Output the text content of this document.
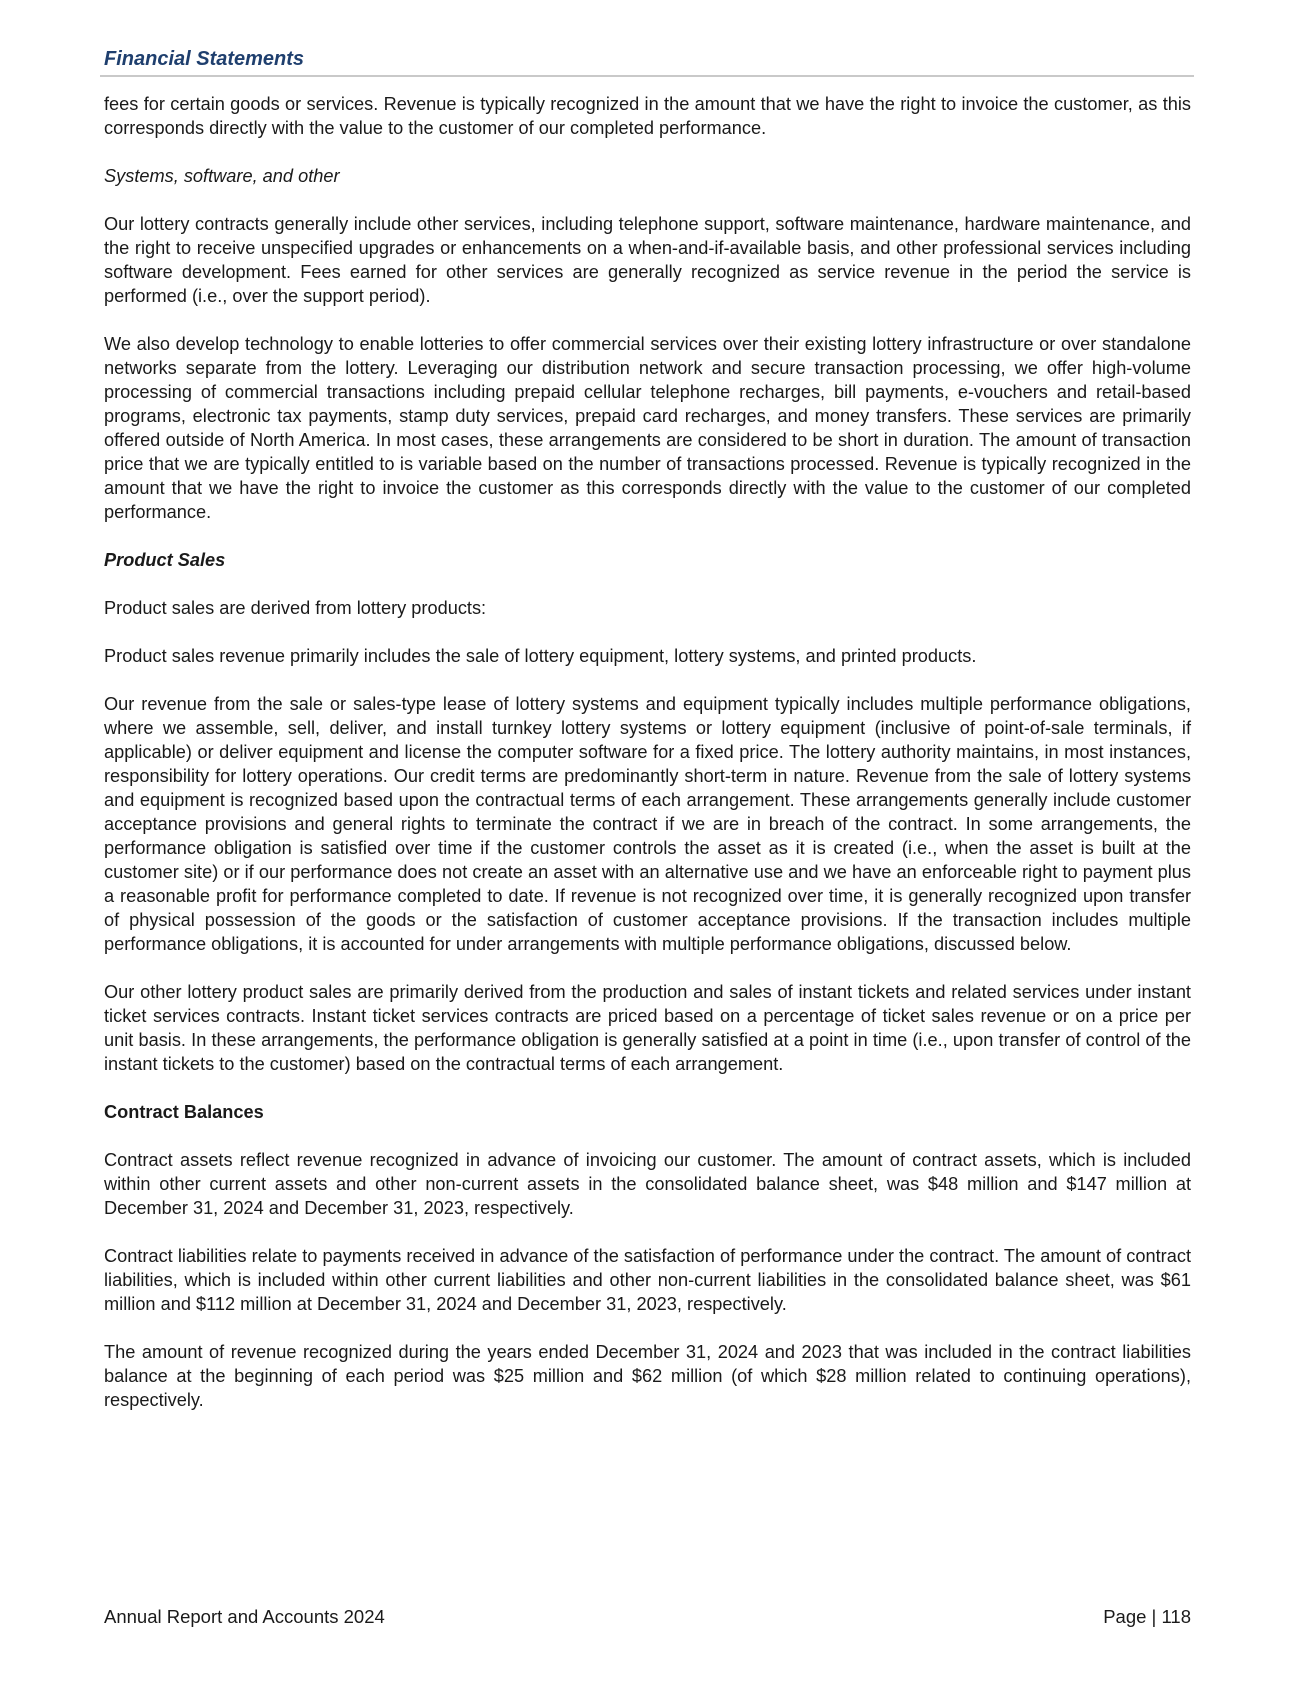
Financial Statements

fees for certain goods or services. Revenue is typically recognized in the amount that we have the right to invoice the customer, as this corresponds directly with the value to the customer of our completed performance.

Systems, software, and other

Our lottery contracts generally include other services, including telephone support, software maintenance, hardware maintenance, and the right to receive unspecified upgrades or enhancements on a when-and-if-available basis, and other professional services including software development. Fees earned for other services are generally recognized as service revenue in the period the service is performed (i.e., over the support period).

We also develop technology to enable lotteries to offer commercial services over their existing lottery infrastructure or over standalone networks separate from the lottery. Leveraging our distribution network and secure transaction processing, we offer high-volume processing of commercial transactions including prepaid cellular telephone recharges, bill payments, e-vouchers and retail-based programs, electronic tax payments, stamp duty services, prepaid card recharges, and money transfers. These services are primarily offered outside of North America. In most cases, these arrangements are considered to be short in duration. The amount of transaction price that we are typically entitled to is variable based on the number of transactions processed. Revenue is typically recognized in the amount that we have the right to invoice the customer as this corresponds directly with the value to the customer of our completed performance.

Product Sales

Product sales are derived from lottery products:

Product sales revenue primarily includes the sale of lottery equipment, lottery systems, and printed products.

Our revenue from the sale or sales-type lease of lottery systems and equipment typically includes multiple performance obligations, where we assemble, sell, deliver, and install turnkey lottery systems or lottery equipment (inclusive of point-of-sale terminals, if applicable) or deliver equipment and license the computer software for a fixed price. The lottery authority maintains, in most instances, responsibility for lottery operations. Our credit terms are predominantly short-term in nature. Revenue from the sale of lottery systems and equipment is recognized based upon the contractual terms of each arrangement. These arrangements generally include customer acceptance provisions and general rights to terminate the contract if we are in breach of the contract. In some arrangements, the performance obligation is satisfied over time if the customer controls the asset as it is created (i.e., when the asset is built at the customer site) or if our performance does not create an asset with an alternative use and we have an enforceable right to payment plus a reasonable profit for performance completed to date. If revenue is not recognized over time, it is generally recognized upon transfer of physical possession of the goods or the satisfaction of customer acceptance provisions. If the transaction includes multiple performance obligations, it is accounted for under arrangements with multiple performance obligations, discussed below.

Our other lottery product sales are primarily derived from the production and sales of instant tickets and related services under instant ticket services contracts. Instant ticket services contracts are priced based on a percentage of ticket sales revenue or on a price per unit basis. In these arrangements, the performance obligation is generally satisfied at a point in time (i.e., upon transfer of control of the instant tickets to the customer) based on the contractual terms of each arrangement.

Contract Balances

Contract assets reflect revenue recognized in advance of invoicing our customer. The amount of contract assets, which is included within other current assets and other non-current assets in the consolidated balance sheet, was $48 million and $147 million at December 31, 2024 and December 31, 2023, respectively.

Contract liabilities relate to payments received in advance of the satisfaction of performance under the contract. The amount of contract liabilities, which is included within other current liabilities and other non-current liabilities in the consolidated balance sheet, was $61 million and $112 million at December 31, 2024 and December 31, 2023, respectively.

The amount of revenue recognized during the years ended December 31, 2024 and 2023 that was included in the contract liabilities balance at the beginning of each period was $25 million and $62 million (of which $28 million related to continuing operations), respectively.

Annual Report and Accounts 2024	Page | 118
